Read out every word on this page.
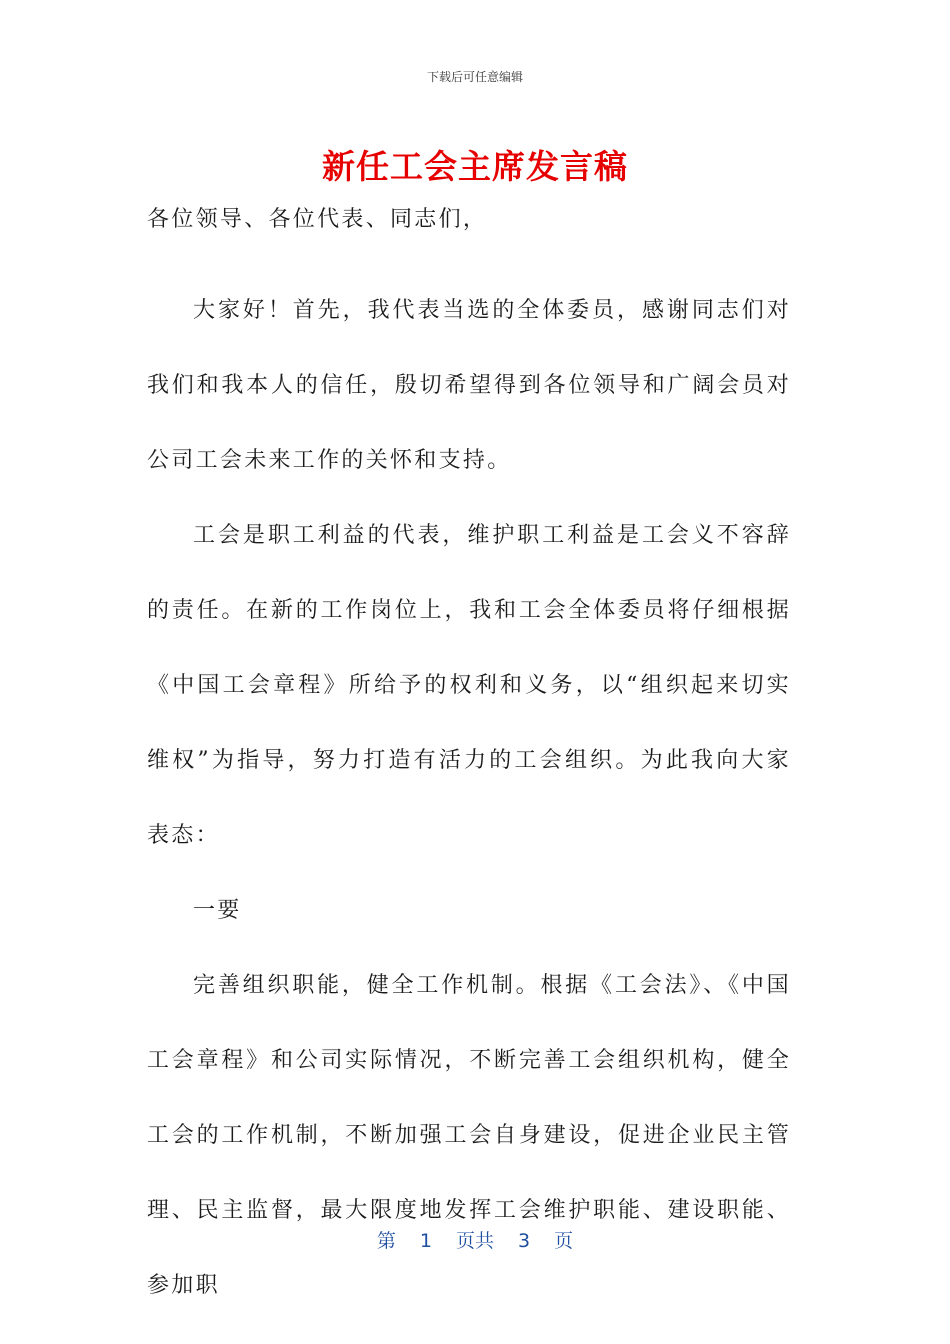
下载后可任意编辑
新任工会主席发言稿

各位领导、各位代表、同志们，

大家好！首先，我代表当选的全体委员，感谢同志们对我们和我本人的信任，殷切希望得到各位领导和广阔会员对公司工会未来工作的关怀和支持。

工会是职工利益的代表，维护职工利益是工会义不容辞的责任。在新的工作岗位上，我和工会全体委员将仔细根据《中国工会章程》所给予的权利和义务，以“组织起来切实维权”为指导，努力打造有活力的工会组织。为此我向大家表态：

一要

完善组织职能，健全工作机制。根据《工会法》、《中国工会章程》和公司实际情况，不断完善工会组织机构，健全工会的工作机制，不断加强工会自身建设，促进企业民主管理、民主监督，最大限度地发挥工会维护职能、建设职能、参加职

第 1 页共 3 页
